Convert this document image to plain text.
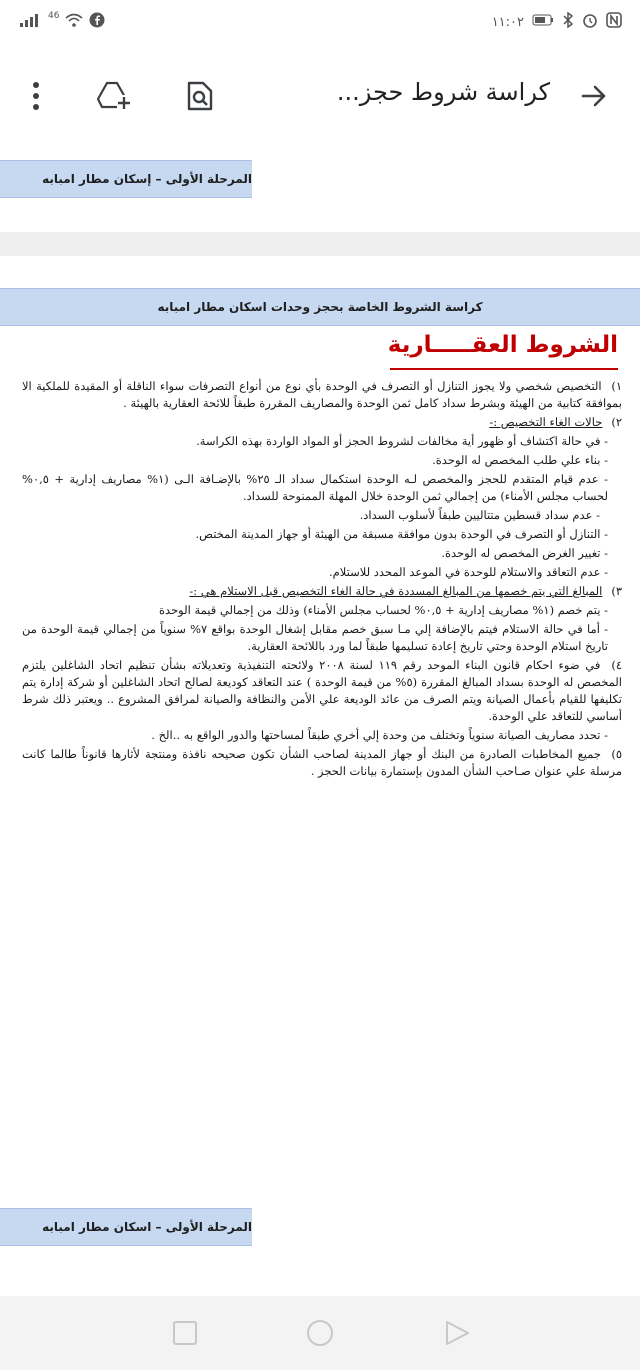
١١:٠٢
46
كراسة شروط حجز...
المرحلة الأولى – إسكان مطار امبابه
كراسة الشروط الخاصة بحجز وحدات اسكان مطار امبابه
الشروط العقـــــارية

١) التخصيص شخصي ولا يجوز التنازل أو التصرف في الوحدة بأي نوع من أنواع التصرفات سواء الناقلة أو المقيدة للملكية الا بموافقة كتابية من الهيئة وبشرط سداد كامل ثمن الوحدة والمصاريف المقررة طبقاً للائحة العقارية بالهيئة .

٢) حالات الغاء التخصيص :-

- في حالة اكتشاف أو ظهور أية مخالفات لشروط الحجز أو المواد الواردة بهذه الكراسة.

- بناء علي طلب المخصص له الوحدة.

- عدم قيام المتقدم للحجز والمخصص لـه الوحدة استكمال سداد الـ ٢٥% بالإضـافة الـى (١% مصاريف إدارية + ٠,٥% لحساب مجلس الأمناء) من إجمالي ثمن الوحدة خلال المهلة الممنوحة للسداد.

- عدم سداد قسطين متتاليين طبقاً لأسلوب السداد.

- التنازل أو التصرف في الوحدة بدون موافقة مسبقة من الهيئة أو جهاز المدينة المختص.

- تغيير الغرض المخصص له الوحدة.

- عدم التعاقد والاستلام للوحدة في الموعد المحدد للاستلام.

٣) المبالغ التي يتم خصمها من المبالغ المسددة في حالة الغاء التخصيص قبل الاستلام هي :-

- يتم خصم (١% مصاريف إدارية + ٠,٥% لحساب مجلس الأمناء) وذلك من إجمالي قيمة الوحدة

- أما في حالة الاستلام فيتم بالإضافة إلي مـا سبق خصم مقابل إشغال الوحدة بواقع ٧% سنوياً من إجمالي قيمة الوحدة من تاريخ استلام الوحدة وحتي تاريخ إعادة تسليمها طبقاً لما ورد باللائحة العقارية.

٤) في ضوء احكام قانون البناء الموحد رقم ١١٩ لسنة ٢٠٠٨ ولائحته التنفيذية وتعديلاته بشأن تنظيم اتحاد الشاغلين يلتزم المخصص له الوحدة بسداد المبالغ المقررة (٥% من قيمة الوحدة ) عند التعاقد كوديعة لصالح اتحاد الشاغلين أو شركة إدارة يتم تكليفها للقيام بأعمال الصيانة ويتم الصرف من عائد الوديعة علي الأمن والنظافة والصيانة لمرافق المشروع .. ويعتبر ذلك شرط أساسي للتعاقد علي الوحدة.

- تحدد مصاريف الصيانة سنوياً وتختلف من وحدة إلي أخري طبقاً لمساحتها والدور الواقع به ..الخ .

٥) جميع المخاطبات الصادرة من البنك أو جهاز المدينة لصاحب الشأن تكون صحيحه نافذة ومنتجة لأثارها قانوناً طالما كانت مرسلة علي عنوان صـاحب الشأن المدون بإستمارة بيانات الحجز .

المرحلة الأولى – اسكان مطار امبابه
